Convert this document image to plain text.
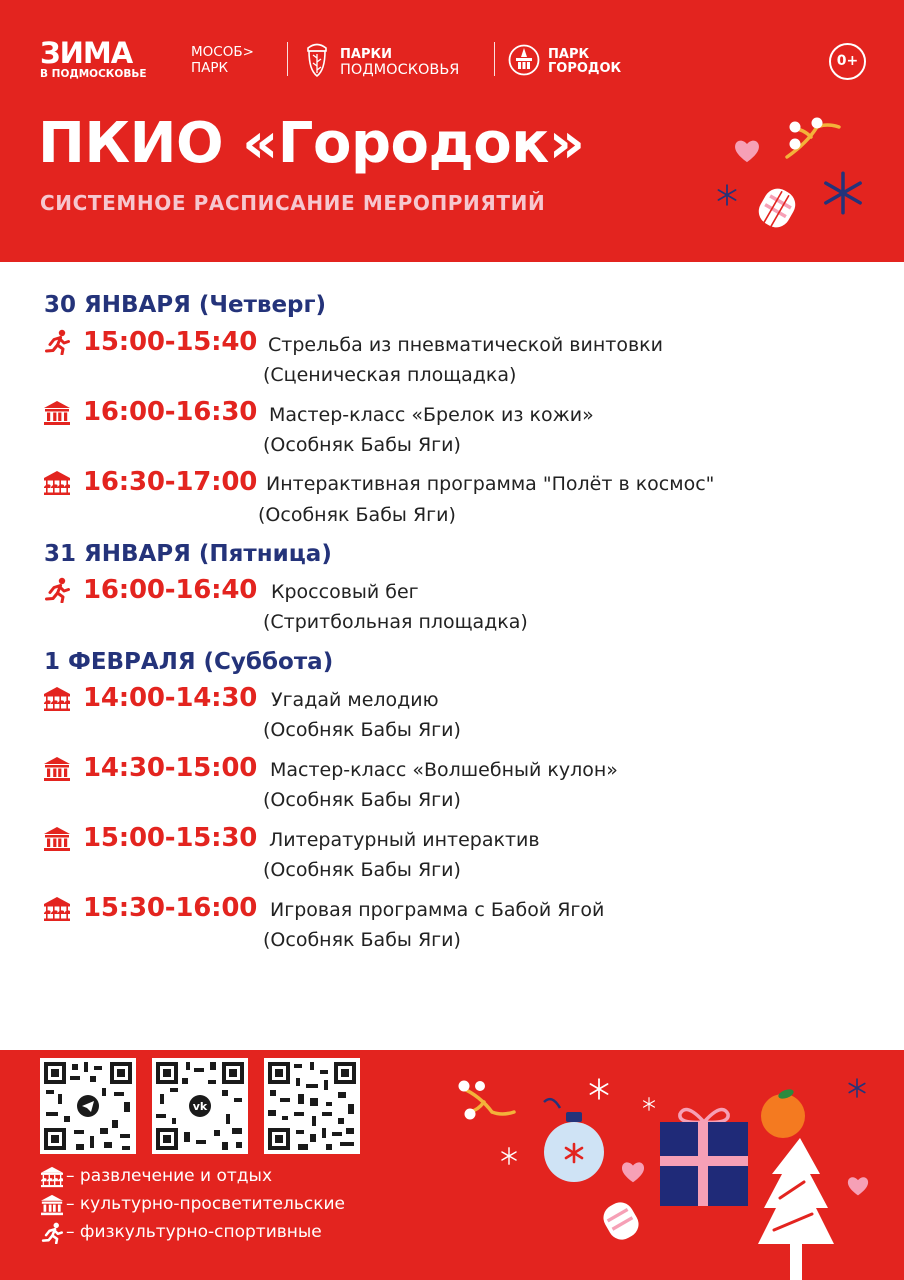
ЗИМА
В ПОДМОСКОВЬЕ
МОСОБ>
ПАРК
ПАРКИ
ПОДМОСКОВЬЯ
ПАРК
ГОРОДОК	0+
ПКИО «Городок»
СИСТЕМНОЕ РАСПИСАНИЕ МЕРОПРИЯТИЙ
30 ЯНВАРЯ (Четверг)
15:00-15:40 Стрельба из пневматической винтовки
(Сценическая площадка)
16:00-16:30 Мастер-класс «Брелок из кожи»
(Особняк Бабы Яги)
16:30-17:00 Интерактивная программа "Полёт в космос"
(Особняк Бабы Яги)
31 ЯНВАРЯ (Пятница)
16:00-16:40 Кроссовый бег
(Стритбольная площадка)
1 ФЕВРАЛЯ (Суббота)
14:00-14:30 Угадай мелодию
(Особняк Бабы Яги)
14:30-15:00 Мастер-класс «Волшебный кулон»
(Особняк Бабы Яги)
15:00-15:30 Литературный интерактив
(Особняк Бабы Яги)
15:30-16:00 Игровая программа с Бабой Ягой
(Особняк Бабы Яги)
vk
– развлечение и отдых
– культурно-просветительские
– физкультурно-спортивные
